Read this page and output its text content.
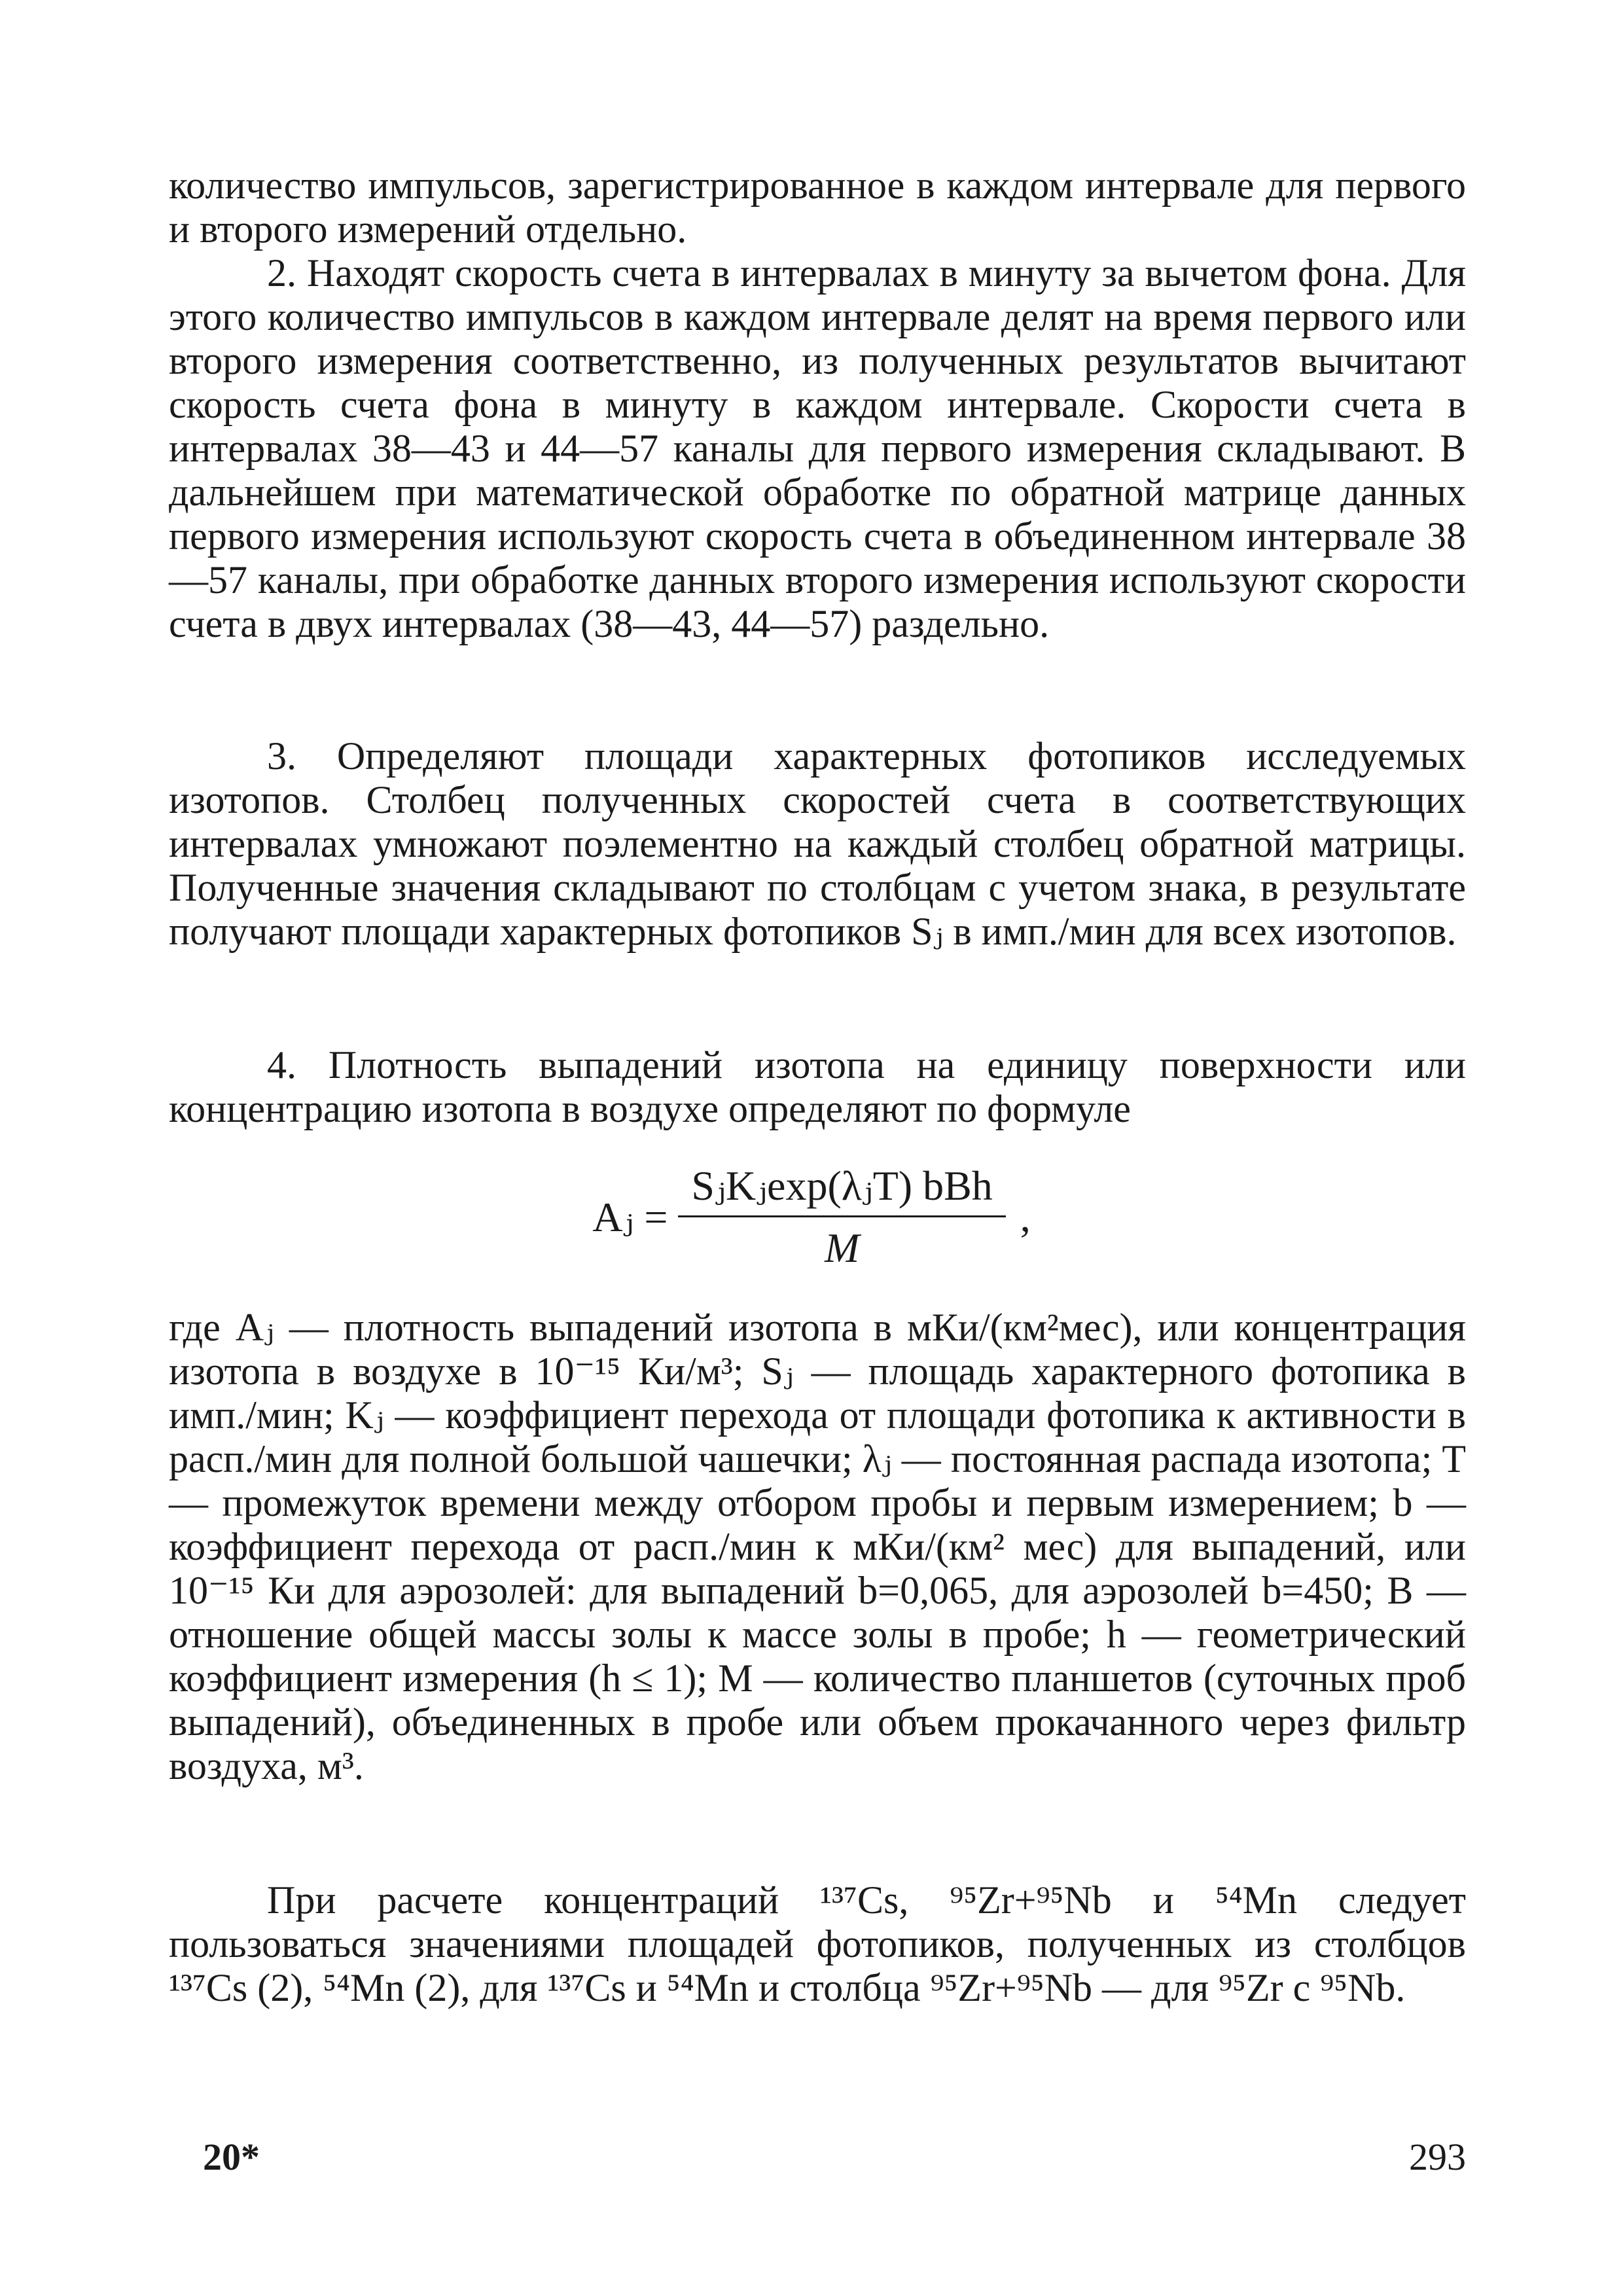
количество импульсов, зарегистрированное в каждом интервале для первого и второго измерений отдельно.

2. Находят скорость счета в интервалах в минуту за вычетом фона. Для этого количество импульсов в каждом интервале делят на время первого или второго измерения соответственно, из полученных результатов вычитают скорость счета фона в минуту в каждом интервале. Скорости счета в интервалах 38—43 и 44—57 каналы для первого измерения складывают. В дальнейшем при математической обработке по обратной матрице данных первого измерения используют скорость счета в объединенном интервале 38—57 каналы, при обработке данных второго измерения используют скорости счета в двух интервалах (38—43, 44—57) раздельно.

3. Определяют площади характерных фотопиков исследуемых изотопов. Столбец полученных скоростей счета в соответствующих интервалах умножают поэлементно на каждый столбец обратной матрицы. Полученные значения складывают по столбцам с учетом знака, в результате получают площади характерных фотопиков Sⱼ в имп./мин для всех изотопов.

4. Плотность выпадений изотопа на единицу поверхности или концентрацию изотопа в воздухе определяют по формуле

Aⱼ = $\frac{\text{SⱼKⱼexp(λⱼT) bBh}}{M}$ ,

где Aⱼ — плотность выпадений изотопа в мКи/(км²мес), или концентрация изотопа в воздухе в 10⁻¹⁵ Ки/м³; Sⱼ — площадь характерного фотопика в имп./мин; Kⱼ — коэффициент перехода от площади фотопика к активности в расп./мин для полной большой чашечки; λⱼ — постоянная распада изотопа; T — промежуток времени между отбором пробы и первым измерением; b — коэффициент перехода от расп./мин к мКи/(км² мес) для выпадений, или 10⁻¹⁵ Ки для аэрозолей: для выпадений b=0,065, для аэрозолей b=450; B — отношение общей массы золы к массе золы в пробе; h — геометрический коэффициент измерения (h ≤ 1); M — количество планшетов (суточных проб выпадений), объединенных в пробе или объем прокачанного через фильтр воздуха, м³.

При расчете концентраций ¹³⁷Cs, ⁹⁵Zr+⁹⁵Nb и ⁵⁴Mn следует пользоваться значениями площадей фотопиков, полученных из столбцов ¹³⁷Cs (2), ⁵⁴Mn (2), для ¹³⁷Cs и ⁵⁴Mn и столбца ⁹⁵Zr+⁹⁵Nb — для ⁹⁵Zr с ⁹⁵Nb.

20*	293
